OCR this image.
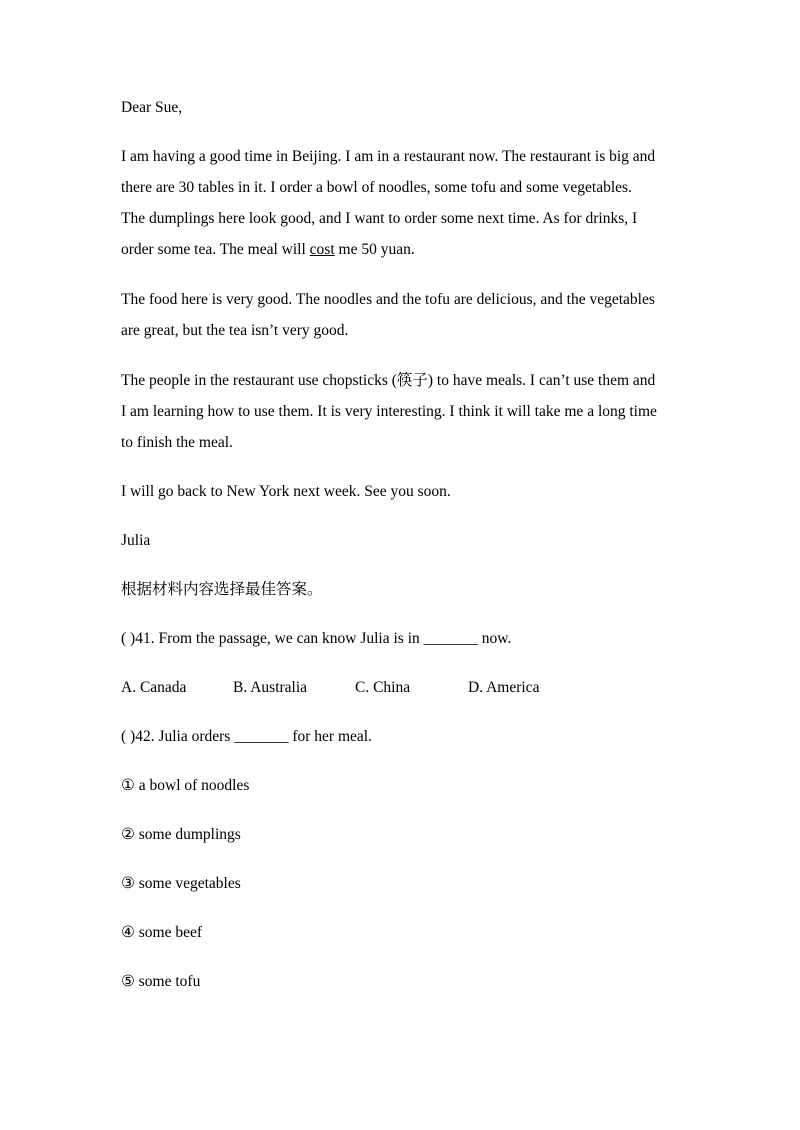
Dear Sue,

I am having a good time in Beijing. I am in a restaurant now. The restaurant is big and
there are 30 tables in it. I order a bowl of noodles, some tofu and some vegetables.
The dumplings here look good, and I want to order some next time. As for drinks, I
order some tea. The meal will cost me 50 yuan.
The food here is very good. The noodles and the tofu are delicious, and the vegetables
are great, but the tea isn’t very good.
The people in the restaurant use chopsticks (筷子) to have meals. I can’t use them and
I am learning how to use them. It is very interesting. I think it will take me a long time
to finish the meal.

I will go back to New York next week. See you soon.

Julia

根据材料内容选择最佳答案。

( )41. From the passage, we can know Julia is in _______ now.

A. Canada	B. Australia	C. China	D. America

( )42. Julia orders _______ for her meal.

① a bowl of noodles

② some dumplings

③ some vegetables

④ some beef

⑤ some tofu
